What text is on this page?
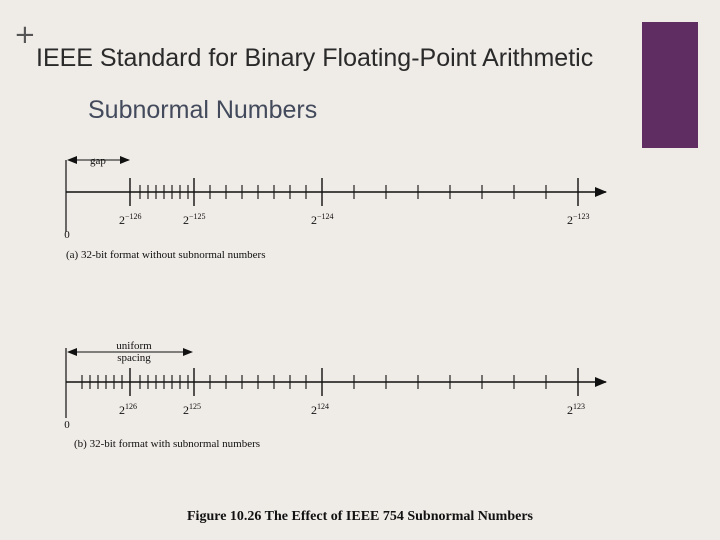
+
IEEE Standard for Binary Floating-Point Arithmetic
Subnormal Numbers
gap
0
$2^{-126}$	$2^{-125}$	$2^{-124}$	$2^{-123}$
(a) 32-bit format without subnormal numbers
uniform
spacing
0
$2^{126}$	$2^{125}$	$2^{124}$	$2^{123}$
(b) 32-bit format with subnormal numbers
Figure 10.26 The Effect of IEEE 754 Subnormal Numbers
